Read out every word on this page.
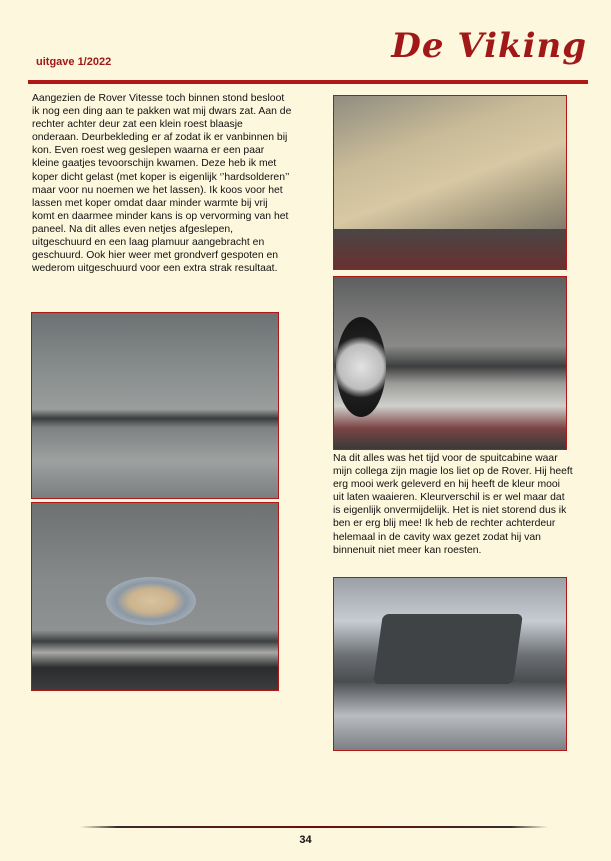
uitgave 1/2022	De Viking
Aangezien de Rover Vitesse toch binnen stond besloot ik nog een ding aan te pakken wat mij dwars zat. Aan de rechter achter deur zat een klein roest blaasje onderaan. Deurbekleding er af zodat ik er vanbinnen bij kon. Even roest weg geslepen waarna er een paar kleine gaatjes tevoorschijn kwamen. Deze heb ik met koper dicht gelast (met koper is eigenlijk ‘’hardsolderen’’ maar voor nu noemen we het lassen). Ik koos voor het lassen met koper omdat daar minder warmte bij vrij komt en daarmee minder kans is op vervorming van het paneel. Na dit alles even netjes afgeslepen, uitgeschuurd en een laag plamuur aangebracht en geschuurd. Ook hier weer met grondverf gespoten en wederom uitgeschuurd voor een extra strak resultaat.
Na dit alles was het tijd voor de spuitcabine waar mijn collega zijn magie los liet op de Rover. Hij heeft erg mooi werk geleverd en hij heeft de kleur mooi uit laten waaieren. Kleurverschil is er wel maar dat is eigenlijk onvermijdelijk. Het is niet storend dus ik ben er erg blij mee! Ik heb de rechter achterdeur helemaal in de cavity wax gezet zodat hij van binnenuit niet meer kan roesten.
34
